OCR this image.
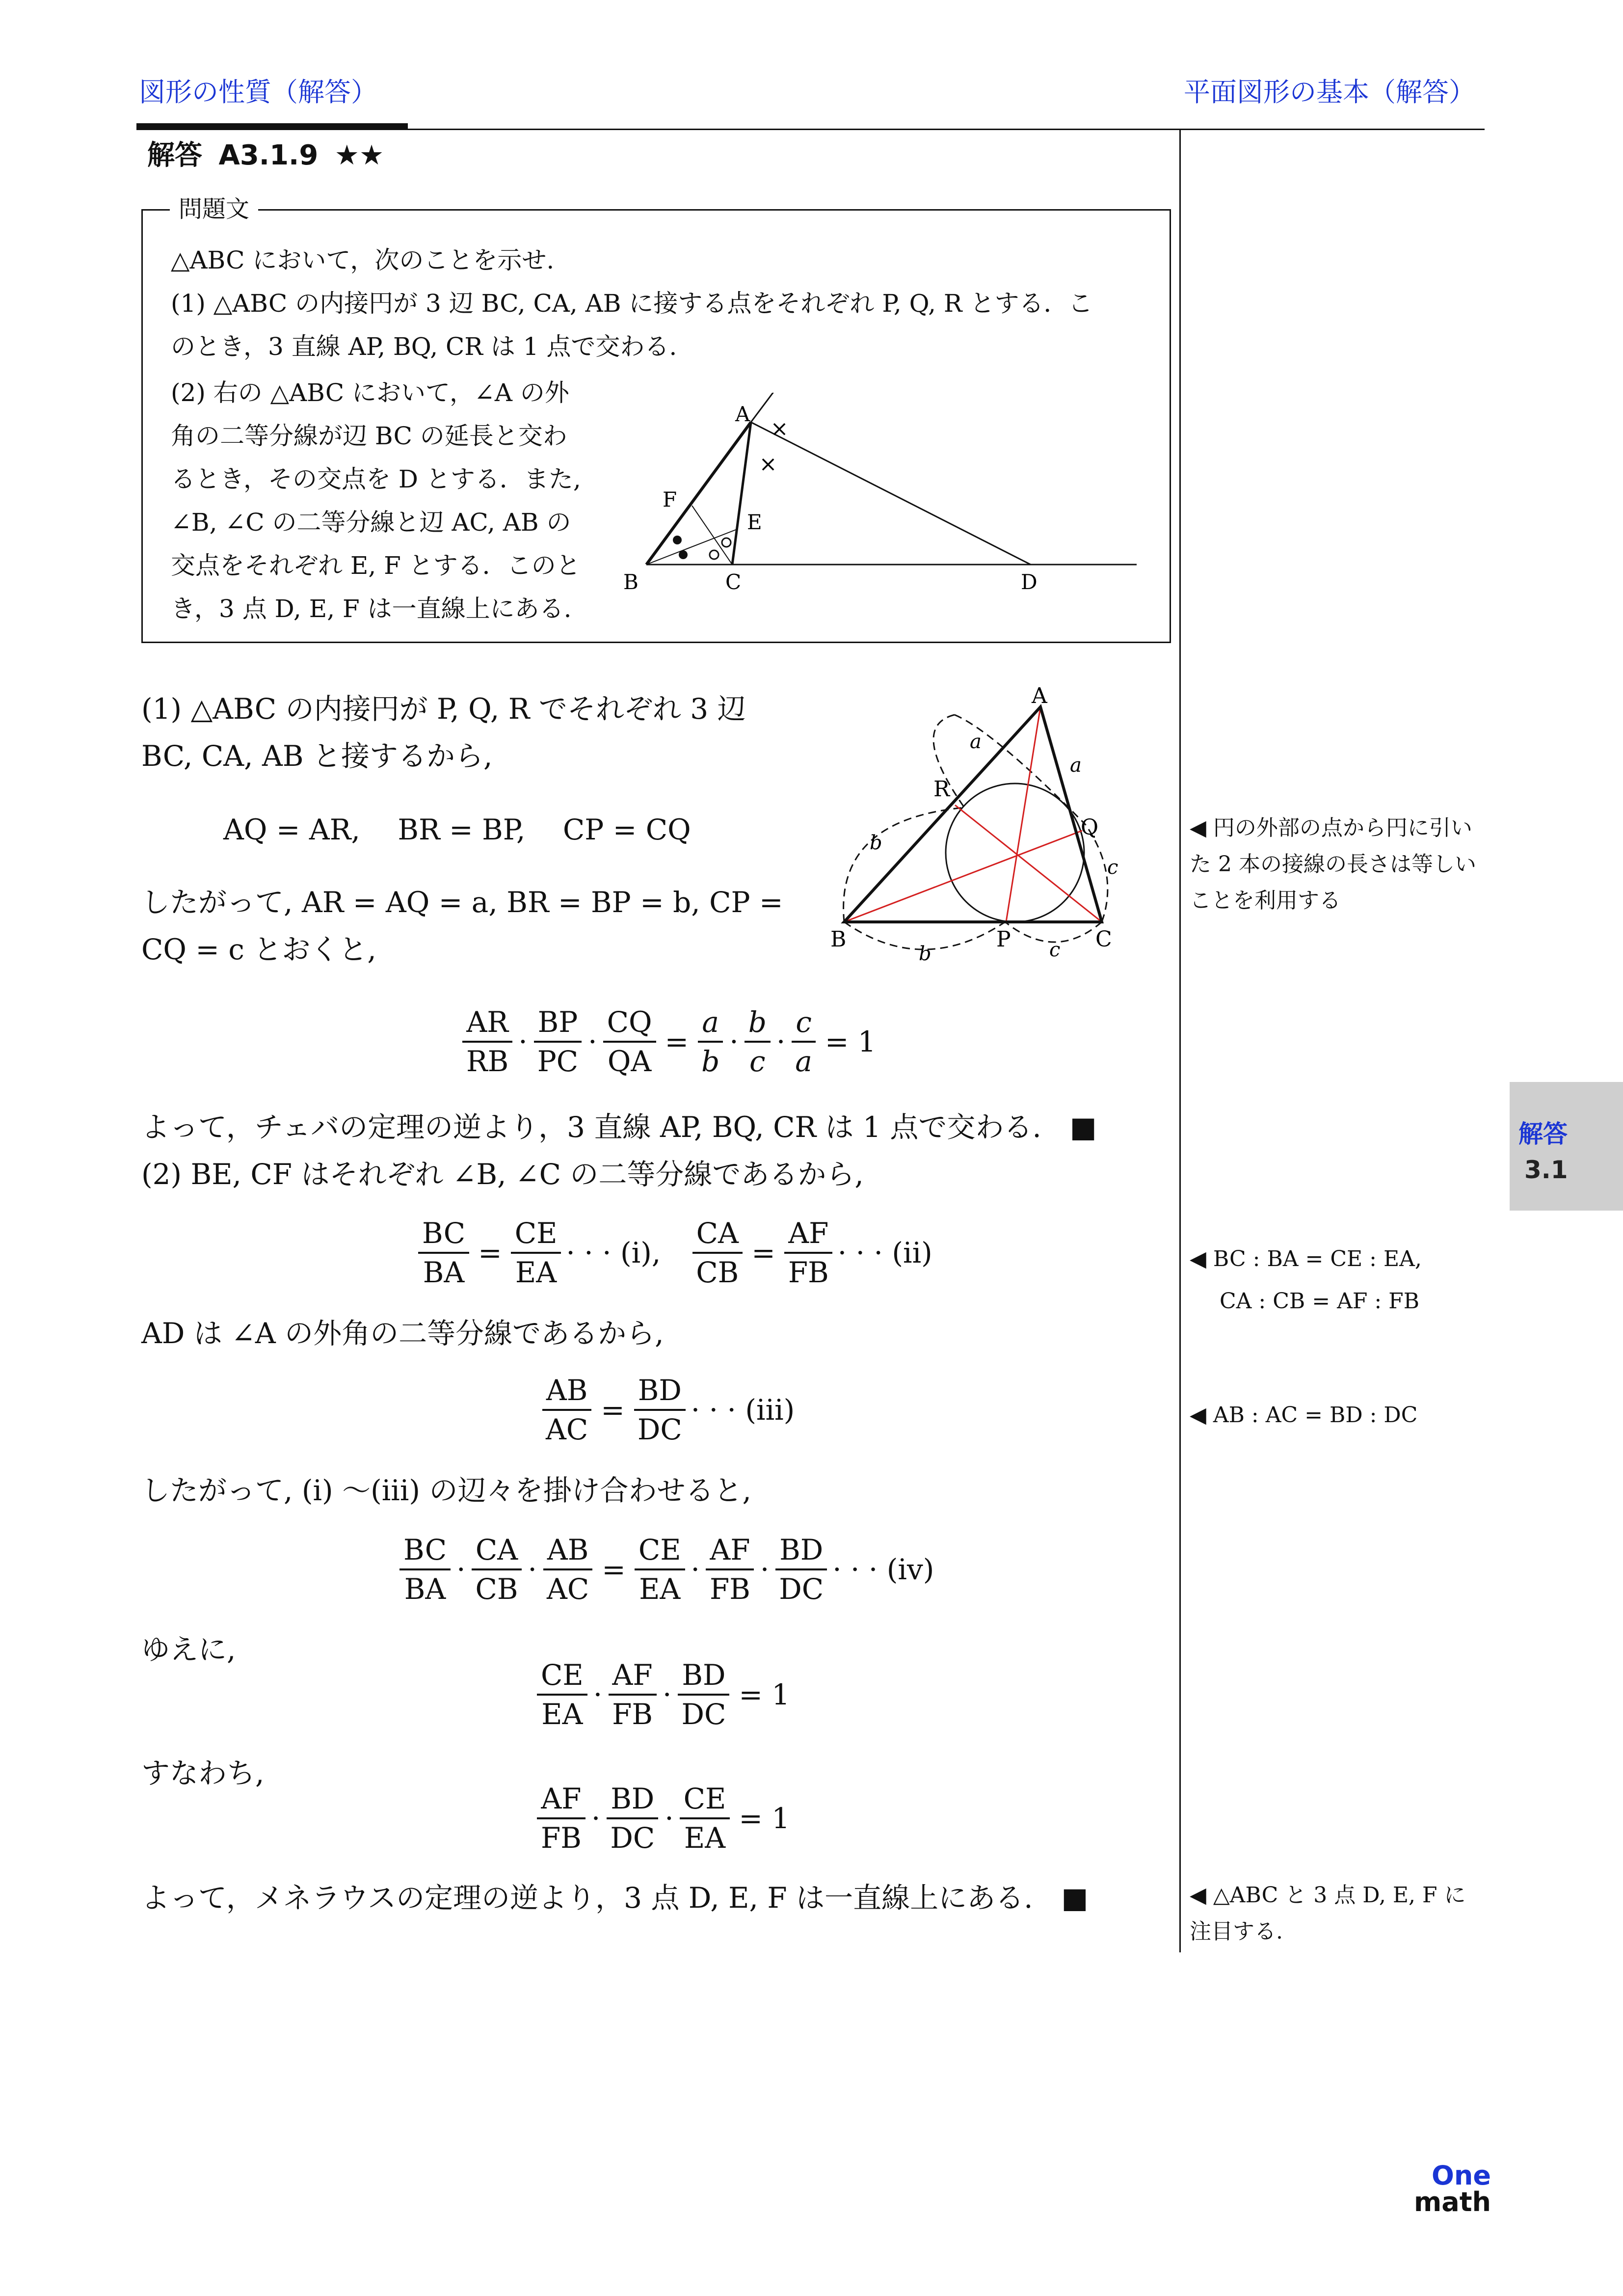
図形の性質（解答）	平面図形の基本（解答）
解答 A3.1.9 ★★
問題文
△ABC において，次のことを示せ.
(1) △ABC の内接円が 3 辺 BC, CA, AB に接する点をそれぞれ P, Q, R とする．こ
のとき，3 直線 AP, BQ, CR は 1 点で交わる.
(2) 右の △ABC において，∠A の外
角の二等分線が辺 BC の延長と交わ
るとき，その交点を D とする．また,
∠B, ∠C の二等分線と辺 AC, AB の
交点をそれぞれ E, F とする．このと
き，3 点 D, E, F は一直線上にある.
×
×
A
B	C	D
E
F
(1) △ABC の内接円が P, Q, R でそれぞれ 3 辺
BC, CA, AB と接するから,
AQ = AR,　 BR = BP,　 CP = CQ
したがって, AR = AQ = a, BR = BP = b, CP =
CQ = c とおくと,
A
B	C
P
Q
R
a
a
b
b
c
c
$\frac{AR}{RB} \cdot \frac{BP}{PC} \cdot \frac{CQ}{QA} = \frac{a}{b} \cdot \frac{b}{c} \cdot \frac{c}{a} = 1$
よって，チェバの定理の逆より，3 直線 AP, BQ, CR は 1 点で交わる.　■
(2) BE, CF はそれぞれ ∠B, ∠C の二等分線であるから,
$\frac{BC}{BA} = \frac{CE}{EA}$ · · · (i), $\frac{CA}{CB} = \frac{AF}{FB}$ · · · (ii)
AD は ∠A の外角の二等分線であるから,
$\frac{AB}{AC} = \frac{BD}{DC}$ · · · (iii)
したがって, (i) 〜(iii) の辺々を掛け合わせると,
$\frac{BC}{BA} \cdot \frac{CA}{CB} \cdot \frac{AB}{AC} = \frac{CE}{EA} \cdot \frac{AF}{FB} \cdot \frac{BD}{DC}$ · · · (iv)
ゆえに,
$\frac{CE}{EA} \cdot \frac{AF}{FB} \cdot \frac{BD}{DC} = 1$
すなわち,
$\frac{AF}{FB} \cdot \frac{BD}{DC} \cdot \frac{CE}{EA} = 1$
よって，メネラウスの定理の逆より，3 点 D, E, F は一直線上にある.　■
◀ 円の外部の点から円に引い
た 2 本の接線の長さは等しい
ことを利用する
◀ BC : BA = CE : EA,
CA : CB = AF : FB
◀ AB : AC = BD : DC
◀ △ABC と 3 点 D, E, F に
注目する.
解答
3.1
One
math
